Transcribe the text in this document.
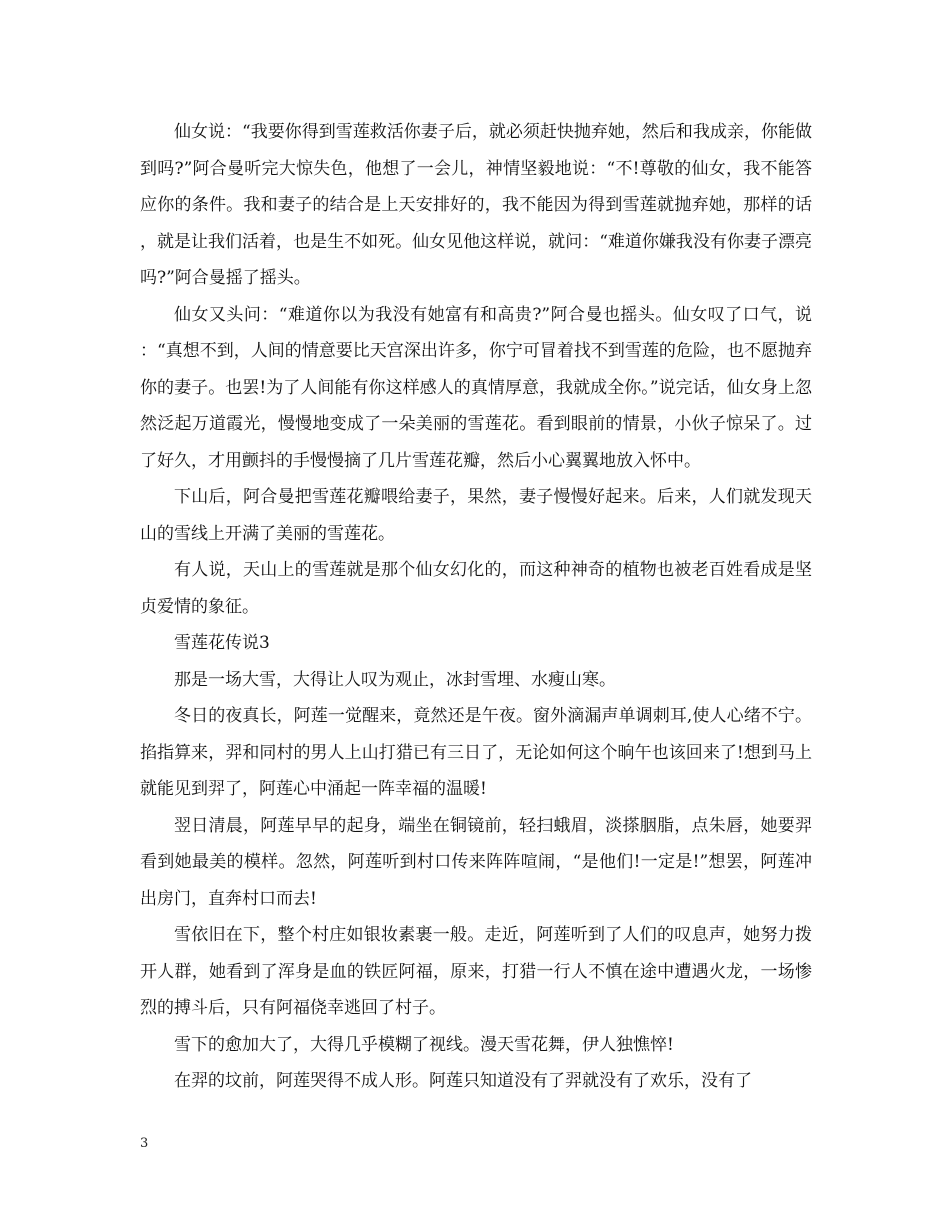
仙女说：“我要你得到雪莲救活你妻子后，就必须赶快抛弃她，然后和我成亲，你能做到吗?”阿合曼听完大惊失色，他想了一会儿，神情坚毅地说：“不!尊敬的仙女，我不能答应你的条件。我和妻子的结合是上天安排好的，我不能因为得到雪莲就抛弃她，那样的话，就是让我们活着，也是生不如死。仙女见他这样说，就问：“难道你嫌我没有你妻子漂亮吗?”阿合曼摇了摇头。

仙女又头问：“难道你以为我没有她富有和高贵?”阿合曼也摇头。仙女叹了口气，说：“真想不到，人间的情意要比天宫深出许多，你宁可冒着找不到雪莲的危险，也不愿抛弃你的妻子。也罢!为了人间能有你这样感人的真情厚意，我就成全你。”说完话，仙女身上忽然泛起万道霞光，慢慢地变成了一朵美丽的雪莲花。看到眼前的情景，小伙子惊呆了。过了好久，才用颤抖的手慢慢摘了几片雪莲花瓣，然后小心翼翼地放入怀中。

下山后，阿合曼把雪莲花瓣喂给妻子，果然，妻子慢慢好起来。后来，人们就发现天山的雪线上开满了美丽的雪莲花。

有人说，天山上的雪莲就是那个仙女幻化的，而这种神奇的植物也被老百姓看成是坚贞爱情的象征。

雪莲花传说3

那是一场大雪，大得让人叹为观止，冰封雪埋、水瘦山寒。

冬日的夜真长，阿莲一觉醒来，竟然还是午夜。窗外滴漏声单调刺耳,使人心绪不宁。掐指算来，羿和同村的男人上山打猎已有三日了，无论如何这个晌午也该回来了!想到马上就能见到羿了，阿莲心中涌起一阵幸福的温暖!

翌日清晨，阿莲早早的起身，端坐在铜镜前，轻扫蛾眉，淡搽胭脂，点朱唇，她要羿看到她最美的模样。忽然，阿莲听到村口传来阵阵喧闹，“是他们!一定是!”想罢，阿莲冲出房门，直奔村口而去!

雪依旧在下，整个村庄如银妆素裹一般。走近，阿莲听到了人们的叹息声，她努力拨开人群，她看到了浑身是血的铁匠阿福，原来，打猎一行人不慎在途中遭遇火龙，一场惨烈的搏斗后，只有阿福侥幸逃回了村子。

雪下的愈加大了，大得几乎模糊了视线。漫天雪花舞，伊人独憔悴!

在羿的坟前，阿莲哭得不成人形。阿莲只知道没有了羿就没有了欢乐，没有了

3
